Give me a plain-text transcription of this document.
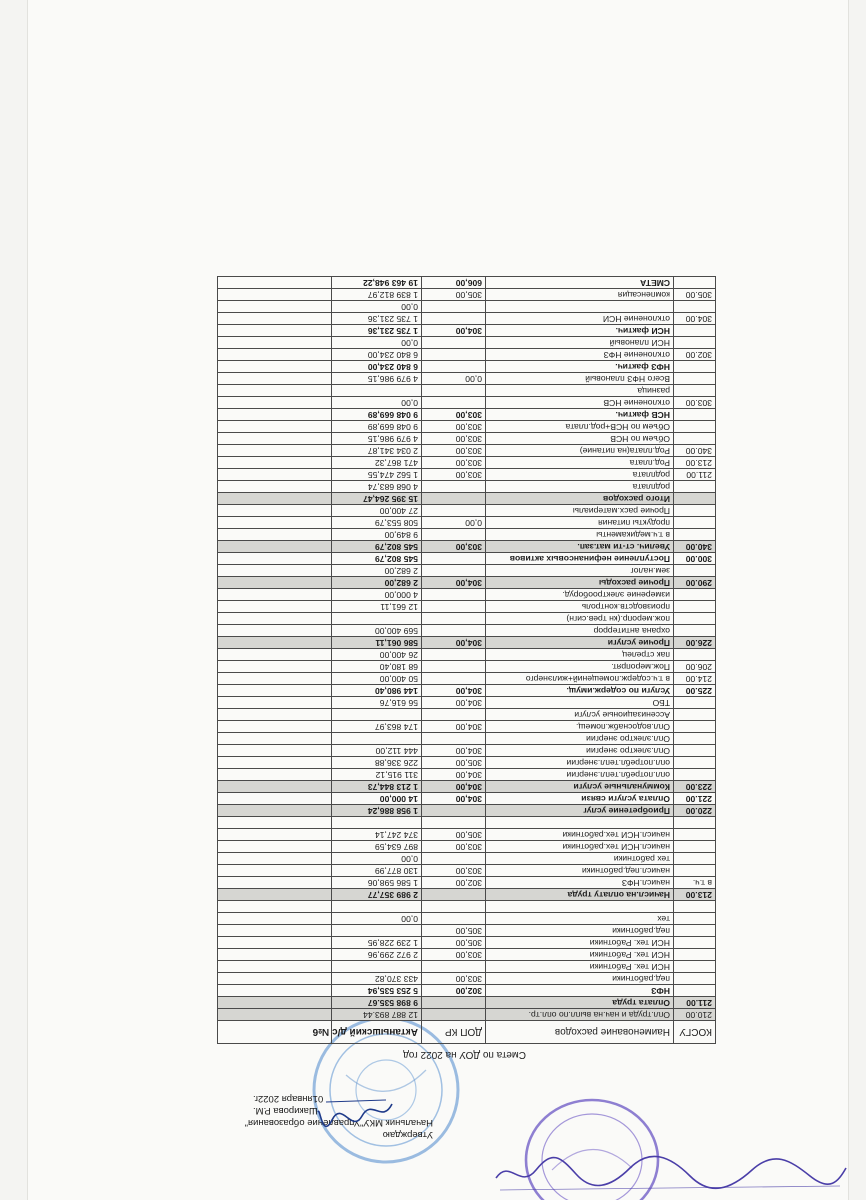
Утверждаю
Начальник МКУ"Управление образования"
Шакирова Р.М.
01января 2022г.
Смета по ДОУ на 2022 год
КОСГУ	Наименование расходов	ДОП КР	Актанышский д/с №6	
210.00	Опл.труда и нач.на выпл.по опл.тр.		12 887 893.44	
211.00	Оплата труда		9 898 535.67	
	НФЗ	302,00	5 253 535,94	
	пед.работники	303,00	433 370,82	
	НСИ тех. Работники			
	НСИ тех. Работники	303,00	2 972 299,96	
	НСИ тех. Работники	305,00	1 239 228,95	
	пед.работники	305,00		
	тех		0,00	

213.00	Начисл.на оплату труда		2 989 357,77	
в т.ч.	начисл.НФЗ	302,00	1 586 598,06	
	начисл.пед.работники	303,00	130 877,99	
	тех работники		0,00	
	начисл.НСИ тех.работники	303,00	897 634,59	
	начисл.НСИ тех.работники	305,00	374 247,14	

220.00	Приобретение услуг		1 958 886,24	
221.00	Оплата услуги связи	304,00	14 000,00	
223.00	Коммунальные услуги	304,00	1 213 844,73	
	опл.потребл.тепл.энергии	304,00	311 915,12	
	опл.потребл.тепл.энергии	305,00	226 336,88	
	Опл.электро энергии	304,00	444 112,00	
	Опл.электро энергии			
	Опл.водоснабж.помещ.	304,00	174 863,97	
	Ассенизационые услуги			
	ТБО	304,00	56 616,76	
225.00	Услуги по содерж.имущ.	304,00	144 980,40	
214.00	в т.ч.содерж.помещений+жилэнерго		50 400,00	
206.00	Пож.меропрят.		68 180,40	
	пак стрелец		26 400,00	
226.00	Прочие услуги	304,00	586 061,11	
	охрана антитеррор		569 400,00	
	пож.меропр.(кн трев.сигн)			
	производств.контроль		12 661,11	
	измерение электрооборуд.		4 000,00	
290.00	Прочие расходы	304,00	2 682,00	
	зем.налог		2 682,00	
300.00	Поступление нефинансовых активов		545 802,79	
340.00	Увелич. ст-ти мат.зап.	303,00	545 802,79	
	в т.ч.медикаменты		9 849,00	
	продукты питания	0,00	508 553,79	
	Прочие расх.материалы		27 400,00	
	Итого расходов		15 395 264,47	
	родплата		4 068 683,74	
211.00	родплата	303,00	1 562 474,55	
213.00	Род.плата	303,00	471 867,32	
340.00	Род.плата(на питание)	303,00	2 034 341,87	
	Объем по НСВ	303,00	4 979 986,15	
	Объем по НСВ+род.плата	303,00	9 048 669,89	
	НСВ фактич.	303,00	9 048 669,89	
303.00	отклонение НСВ		0,00	
	разница			
	Всего НФЗ плановый	0,00	4 979 986,15	
	НФЗ фактич.		6 840 234,00	
302.00	отклонение НФЗ		6 840 234,00	
	НСИ плановый		0,00	
	НСИ фактич.	304,00	1 735 231,36	
304.00	отклонение НСИ		1 735 231,36	
			0,00	
305.00	компенсация	305,00	1 839 812,97	
	СМЕТА	606,00	19 463 948,22	
